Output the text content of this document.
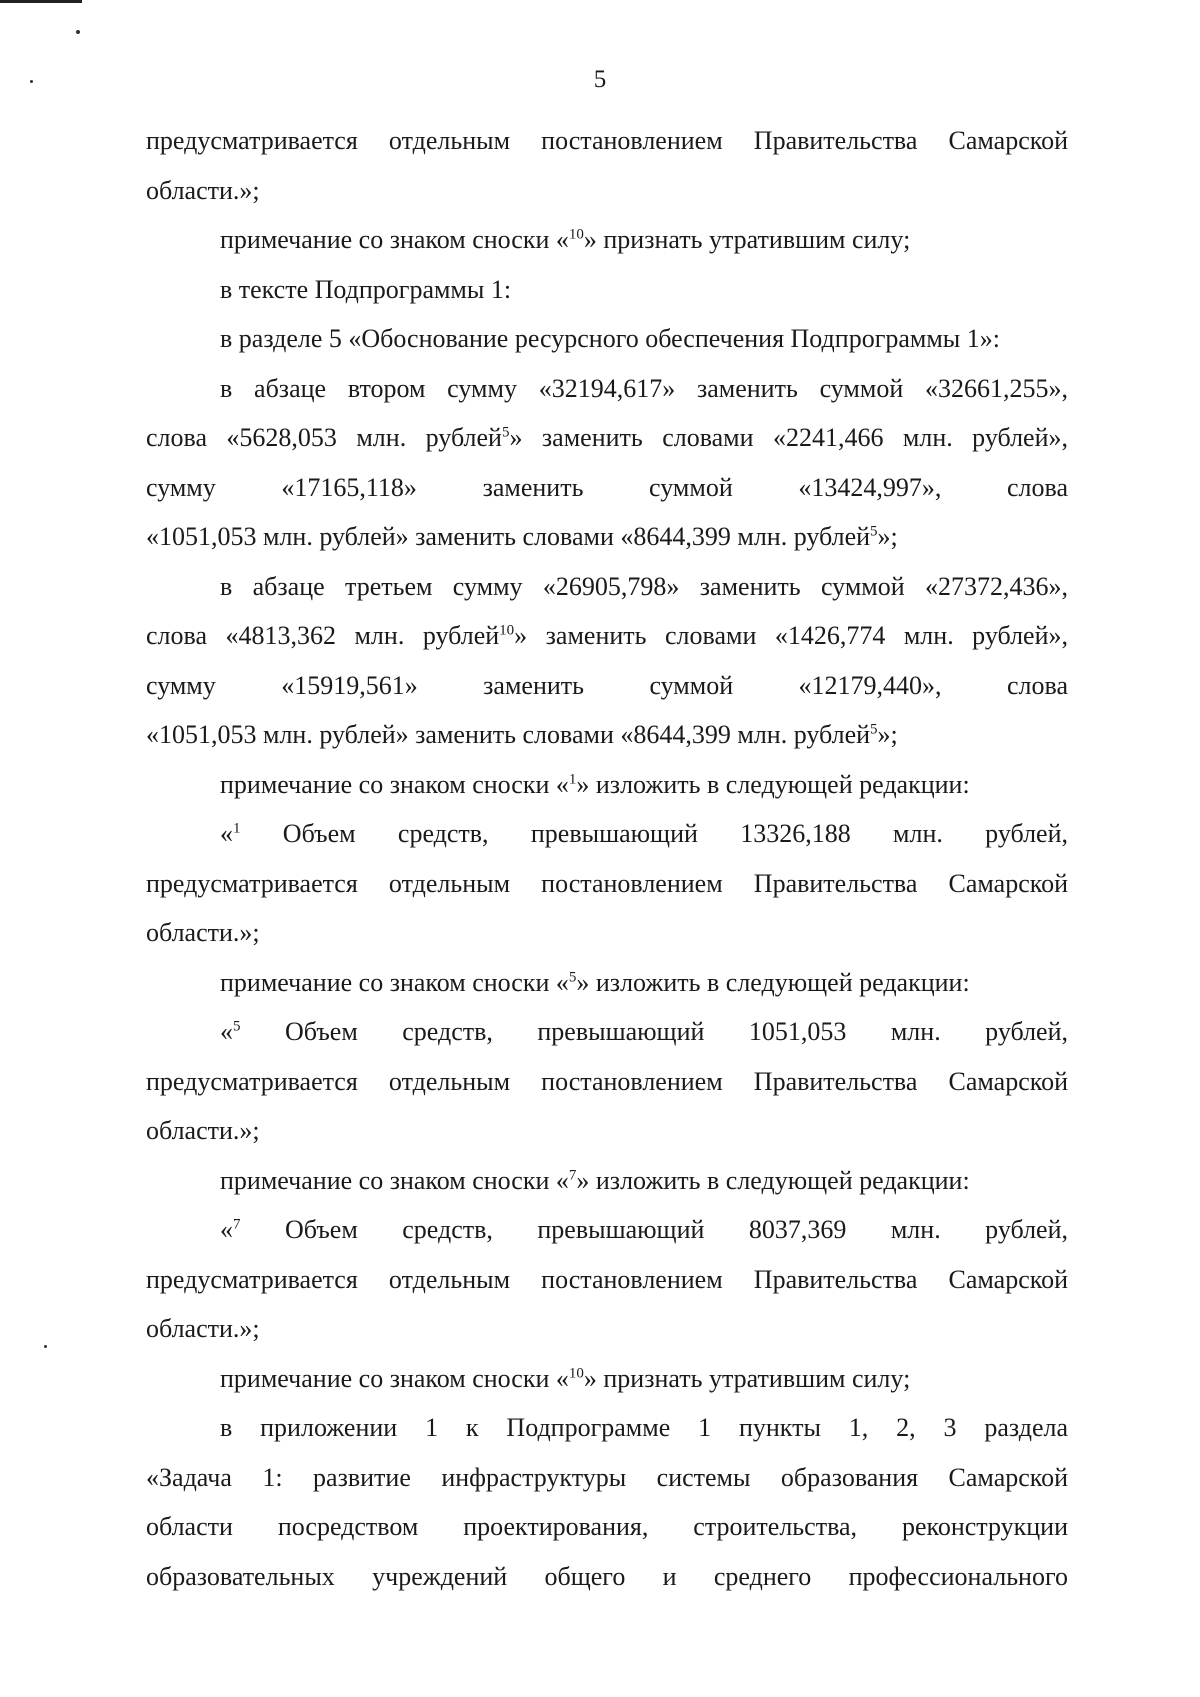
5

предусматривается отдельным постановлением Правительства Самарской

области.»;

примечание со знаком сноски «$^{10}$» признать утратившим силу;

в тексте Подпрограммы 1:

в разделе 5 «Обоснование ресурсного обеспечения Подпрограммы 1»:

в абзаце втором сумму «32194,617» заменить суммой «32661,255»,

слова «5628,053 млн. рублей$^5$» заменить словами «2241,466 млн. рублей»,

сумму «17165,118» заменить суммой «13424,997», слова

«1051,053 млн. рублей» заменить словами «8644,399 млн. рублей$^5$»;

в абзаце третьем сумму «26905,798» заменить суммой «27372,436»,

слова «4813,362 млн. рублей$^{10}$» заменить словами «1426,774 млн. рублей»,

сумму «15919,561» заменить суммой «12179,440», слова

«1051,053 млн. рублей» заменить словами «8644,399 млн. рублей$^5$»;

примечание со знаком сноски «$^1$» изложить в следующей редакции:

«$^1$ Объем средств, превышающий 13326,188 млн. рублей,

предусматривается отдельным постановлением Правительства Самарской

области.»;

примечание со знаком сноски «$^5$» изложить в следующей редакции:

«$^5$ Объем средств, превышающий 1051,053 млн. рублей,

предусматривается отдельным постановлением Правительства Самарской

области.»;

примечание со знаком сноски «$^7$» изложить в следующей редакции:

«$^7$ Объем средств, превышающий 8037,369 млн. рублей,

предусматривается отдельным постановлением Правительства Самарской

области.»;

примечание со знаком сноски «$^{10}$» признать утратившим силу;

в приложении 1 к Подпрограмме 1 пункты 1, 2, 3 раздела

«Задача 1: развитие инфраструктуры системы образования Самарской

области посредством проектирования, строительства, реконструкции

образовательных учреждений общего и среднего профессионального
